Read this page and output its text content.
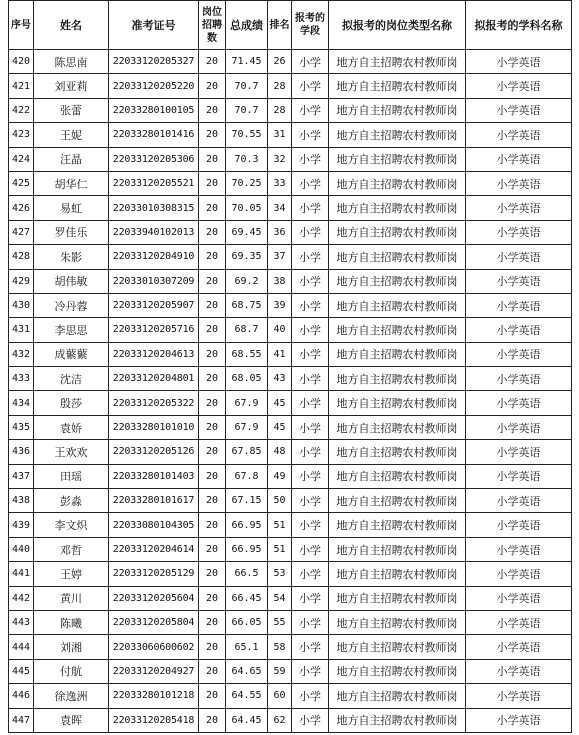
序号	姓名	准考证号	岗位招聘数	总成绩	排名	报考的学段	拟报考的岗位类型名称	拟报考的学科名称
420	陈思南	22033120205327	20	71.45	26	小学	地方自主招聘农村教师岗	小学英语
421	刘亚莉	22033120205220	20	70.7	28	小学	地方自主招聘农村教师岗	小学英语
422	张蕾	22033280100105	20	70.7	28	小学	地方自主招聘农村教师岗	小学英语
423	王妮	22033280101416	20	70.55	31	小学	地方自主招聘农村教师岗	小学英语
424	汪晶	22033120205306	20	70.3	32	小学	地方自主招聘农村教师岗	小学英语
425	胡华仁	22033120205521	20	70.25	33	小学	地方自主招聘农村教师岗	小学英语
426	易虹	22033010308315	20	70.05	34	小学	地方自主招聘农村教师岗	小学英语
427	罗佳乐	22033940102013	20	69.45	36	小学	地方自主招聘农村教师岗	小学英语
428	朱影	22033120204910	20	69.35	37	小学	地方自主招聘农村教师岗	小学英语
429	胡伟敏	22033010307209	20	69.2	38	小学	地方自主招聘农村教师岗	小学英语
430	冷丹蓉	22033120205907	20	68.75	39	小学	地方自主招聘农村教师岗	小学英语
431	李思思	22033120205716	20	68.7	40	小学	地方自主招聘农村教师岗	小学英语
432	成蘩蘩	22033120204613	20	68.55	41	小学	地方自主招聘农村教师岗	小学英语
433	沈洁	22033120204801	20	68.05	43	小学	地方自主招聘农村教师岗	小学英语
434	殷莎	22033120205322	20	67.9	45	小学	地方自主招聘农村教师岗	小学英语
435	袁娇	22033280101010	20	67.9	45	小学	地方自主招聘农村教师岗	小学英语
436	王欢欢	22033120205126	20	67.85	48	小学	地方自主招聘农村教师岗	小学英语
437	田瑶	22033280101403	20	67.8	49	小学	地方自主招聘农村教师岗	小学英语
438	彭淼	22033280101617	20	67.15	50	小学	地方自主招聘农村教师岗	小学英语
439	李文炽	22033080104305	20	66.95	51	小学	地方自主招聘农村教师岗	小学英语
440	邓哲	22033120204614	20	66.95	51	小学	地方自主招聘农村教师岗	小学英语
441	王婷	22033120205129	20	66.5	53	小学	地方自主招聘农村教师岗	小学英语
442	黄川	22033120205604	20	66.45	54	小学	地方自主招聘农村教师岗	小学英语
443	陈曦	22033120205804	20	66.05	55	小学	地方自主招聘农村教师岗	小学英语
444	刘湘	22033060600602	20	65.1	58	小学	地方自主招聘农村教师岗	小学英语
445	付航	22033120204927	20	64.65	59	小学	地方自主招聘农村教师岗	小学英语
446	徐逸洲	22033280101218	20	64.55	60	小学	地方自主招聘农村教师岗	小学英语
447	袁晖	22033120205418	20	64.45	62	小学	地方自主招聘农村教师岗	小学英语
